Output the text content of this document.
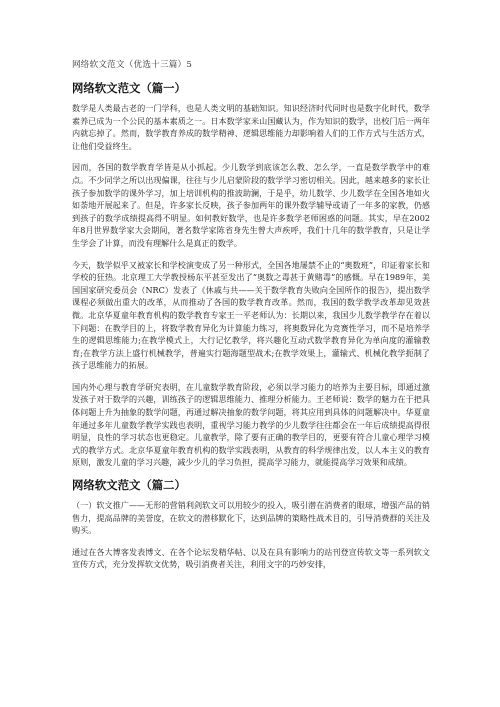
网络软文范文（优选十三篇）5
网络软文范文（篇一）

数学是人类最古老的一门学科，也是人类文明的基础知识。知识经济时代同时也是数字化时代，数学素养已成为一个公民的基本素质之一。日本数学家米山国藏认为，作为知识的数学，出校门后一两年内就忘掉了。然而，数学教育养成的数学精神、逻辑思维能力却影响着人们的工作方式与生活方式，让他们受益终生。

因而，各国的数学教育学皆是从小抓起。少儿数学到底该怎么教、怎么学，一直是数学教学中的难点。不少同学之所以出现偏课，往往与少儿启蒙阶段的数学学习密切相关。因此，越来越多的家长让孩子参加数学的课外学习，加上培训机构的推波助澜，于是乎，幼儿数学、少儿数学在全国各地如火如荼地开展起来了。但是，许多家长反映，孩子参加两年的课外数学辅导或请了一年多的家教，仍感到孩子的数学成绩提高得不明显。如何教好数学，也是许多数学老师困惑的问题。其实，早在2002年8月世界数学家大会期间，著名数学家陈省身先生曾大声疾呼，我们十几年的数学教育，只是让学生学会了计算，而没有理解什么是真正的数学。

今天，数学似乎又被家长和学校演变成了另一种形式，全国各地屡禁不止的“奥数班”，印证着家长和学校的狂热。北京理工大学教授杨东平甚至发出了“奥数之毒甚于黄赌毒”的感慨。早在1989年，美国国家研究委员会（NRC）发表了《休戚与共——关于数学教育失败向全国所作的报告》，提出数学课程必须做出重大的改革，从而推动了各国的数学教育改革。然而，我国的数学教学改革却见效甚微。北京华夏童年教育机构的数学教育专家王一平老师认为：长期以来，我国少儿数学教学存在着以下问题：在教学目的上，将数学教育异化为计算能力练习，将奥数异化为竞赛性学习，而不是培养学生的逻辑思维能力;在教学模式上，大行记忆教学，将兴趣化互动式数学教育异化为单向度的灌输教育;在教学方法上盛行机械教学，普遍实行题海题型战术;在教学效果上，灌输式、机械化教学扼制了孩子思维能力的拓展。

国内外心理与教育学研究表明，在儿童数学教育阶段，必须以学习能力的培养为主要目标，即通过激发孩子对于数学的兴趣，训练孩子的逻辑思维能力、推理分析能力。王老师说：数学的魅力在于把具体问题上升为抽象的数学问题，再通过解决抽象的数学问题，将其应用到具体的问题解决中。华夏童年通过多年儿童数学教学实践也表明，重视学习能力教学的少儿数学往往都会在一年后成绩提高得很明显，良性的学习状态也更稳定。儿童教学，除了要有正确的教学目的，更要有符合儿童心理学习模式的教学方式。北京华夏童年教育机构的数学实践表明，从教育的科学规律出发，以人本主义的教育原则，激发儿童的学习兴趣，减少少儿的学习负担，提高学习能力，就能提高学习效果和成绩。

网络软文范文（篇二）

（一）软文推广——无形的营销利剑软文可以用较少的投入，吸引潜在消费者的眼球，增强产品的销售力，提高品牌的美誉度，在软文的潜移默化下，达到品牌的策略性战术目的，引导消费群的关注及购买。

通过在各大博客发表博文、在各个论坛发精华帖、以及在具有影响力的站刊登宣传软文等一系列软文宣传方式，充分发挥软文优势，吸引消费者关注，利用文字的巧妙安排，
